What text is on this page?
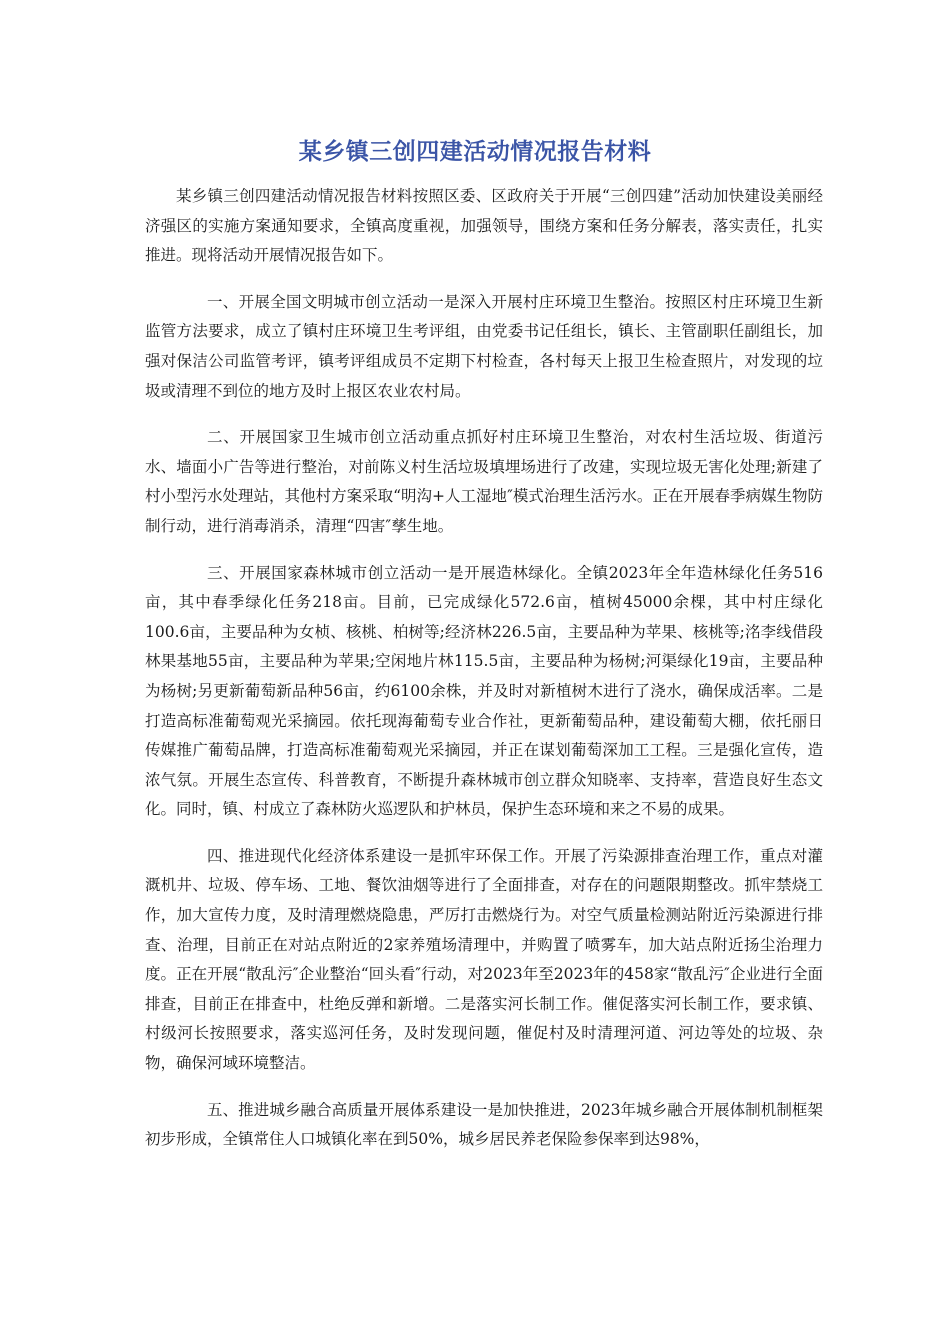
某乡镇三创四建活动情况报告材料

某乡镇三创四建活动情况报告材料按照区委、区政府关于开展“三创四建”活动加快建设美丽经济强区的实施方案通知要求，全镇高度重视，加强领导，围绕方案和任务分解表，落实责任，扎实推进。现将活动开展情况报告如下。

一、开展全国文明城市创立活动一是深入开展村庄环境卫生整治。按照区村庄环境卫生新监管方法要求，成立了镇村庄环境卫生考评组，由党委书记任组长，镇长、主管副职任副组长，加强对保洁公司监管考评，镇考评组成员不定期下村检查，各村每天上报卫生检查照片，对发现的垃圾或清理不到位的地方及时上报区农业农村局。

二、开展国家卫生城市创立活动重点抓好村庄环境卫生整治，对农村生活垃圾、街道污水、墙面小广告等进行整治，对前陈义村生活垃圾填埋场进行了改建，实现垃圾无害化处理;新建了村小型污水处理站，其他村方案采取“明沟+人工湿地″模式治理生活污水。正在开展春季病媒生物防制行动，进行消毒消杀，清理“四害″孳生地。

三、开展国家森林城市创立活动一是开展造林绿化。全镇2023年全年造林绿化任务516亩，其中春季绿化任务218亩。目前，已完成绿化572.6亩，植树45000余棵，其中村庄绿化100.6亩，主要品种为女桢、核桃、柏树等;经济林226.5亩，主要品种为苹果、核桃等;洺李线借段林果基地55亩，主要品种为苹果;空闲地片林115.5亩，主要品种为杨树;河渠绿化19亩，主要品种为杨树;另更新葡萄新品种56亩，约6100余株，并及时对新植树木进行了浇水，确保成活率。二是打造高标准葡萄观光采摘园。依托现海葡萄专业合作社，更新葡萄品种，建设葡萄大棚，依托丽日传媒推广葡萄品牌，打造高标准葡萄观光采摘园，并正在谋划葡萄深加工工程。三是强化宣传，造浓气氛。开展生态宣传、科普教育，不断提升森林城市创立群众知晓率、支持率，营造良好生态文化。同时，镇、村成立了森林防火巡逻队和护林员，保护生态环境和来之不易的成果。

四、推进现代化经济体系建设一是抓牢环保工作。开展了污染源排查治理工作，重点对灌溉机井、垃圾、停车场、工地、餐饮油烟等进行了全面排查，对存在的问题限期整改。抓牢禁烧工作，加大宣传力度，及时清理燃烧隐患，严厉打击燃烧行为。对空气质量检测站附近污染源进行排查、治理，目前正在对站点附近的2家养殖场清理中，并购置了喷雾车，加大站点附近扬尘治理力度。正在开展“散乱污″企业整治“回头看″行动，对2023年至2023年的458家“散乱污″企业进行全面排查，目前正在排查中，杜绝反弹和新增。二是落实河长制工作。催促落实河长制工作，要求镇、村级河长按照要求，落实巡河任务，及时发现问题，催促村及时清理河道、河边等处的垃圾、杂物，确保河域环境整洁。

五、推进城乡融合高质量开展体系建设一是加快推进，2023年城乡融合开展体制机制框架初步形成，全镇常住人口城镇化率在到50%，城乡居民养老保险参保率到达98%，
